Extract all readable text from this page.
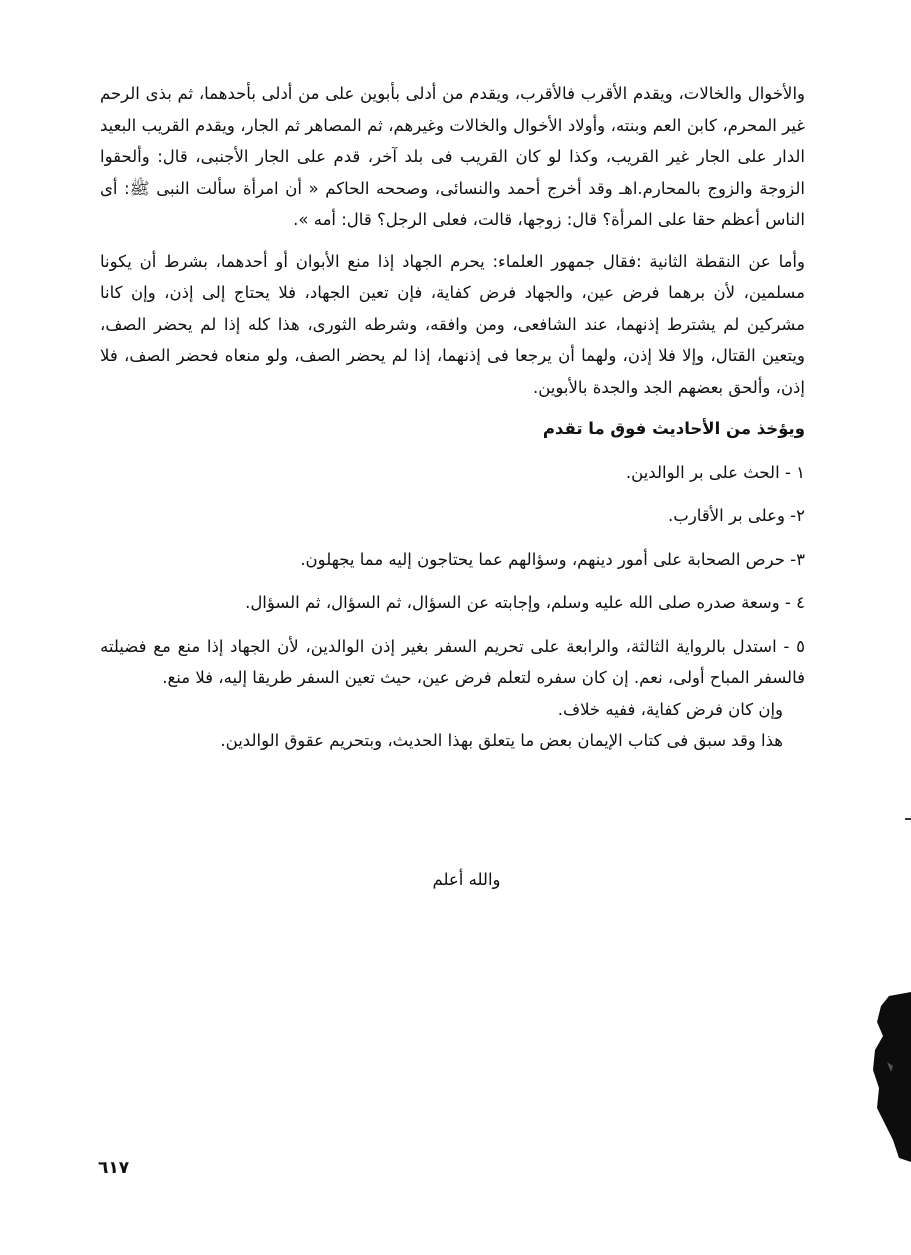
والأخوال والخالات، ويقدم الأقرب فالأقرب، ويقدم من أدلى بأبوين على من أدلى بأحدهما، ثم بذى الرحم غير المحرم، كابن العم وبنته، وأولاد الأخوال والخالات وغيرهم، ثم المصاهر ثم الجار، ويقدم القريب البعيد الدار على الجار غير القريب، وكذا لو كان القريب فى بلد آخر، قدم على الجار الأجنبى، قال: وألحقوا الزوجة والزوج بالمحارم.اهـ وقد أخرج أحمد والنسائى، وصححه الحاكم « أن امرأة سألت النبى ﷺ: أى الناس أعظم حقا على المرأة؟ قال: زوجها، قالت، فعلى الرجل؟ قال: أمه ».

وأما عن النقطة الثانية :فقال جمهور العلماء: يحرم الجهاد إذا منع الأبوان أو أحدهما، بشرط أن يكونا مسلمين، لأن برهما فرض عين، والجهاد فرض كفاية، فإن تعين الجهاد، فلا يحتاج إلى إذن، وإن كانا مشركين لم يشترط إذنهما، عند الشافعى، ومن وافقه، وشرطه الثورى، هذا كله إذا لم يحضر الصف، ويتعين القتال، وإلا فلا إذن، ولهما أن يرجعا فى إذنهما، إذا لم يحضر الصف، ولو منعاه فحضر الصف، فلا إذن، وألحق بعضهم الجد والجدة بالأبوين.

ويؤخذ من الأحاديث فوق ما تقدم

١ - الحث على بر الوالدين.

٢- وعلى بر الأقارب.

٣- حرص الصحابة على أمور دينهم، وسؤالهم عما يحتاجون إليه مما يجهلون.

٤ - وسعة صدره صلى الله عليه وسلم، وإجابته عن السؤال، ثم السؤال، ثم السؤال.

٥ - استدل بالرواية الثالثة، والرابعة على تحريم السفر بغير إذن الوالدين، لأن الجهاد إذا منع مع فضيلته فالسفر المباح أولى، نعم. إن كان سفره لتعلم فرض عين، حيث تعين السفر طريقا إليه، فلا منع.

وإن كان فرض كفاية، ففيه خلاف.

هذا وقد سبق فى كتاب الإيمان بعض ما يتعلق بهذا الحديث، وبتحريم عقوق الوالدين.

والله أعلم
٦١٧
